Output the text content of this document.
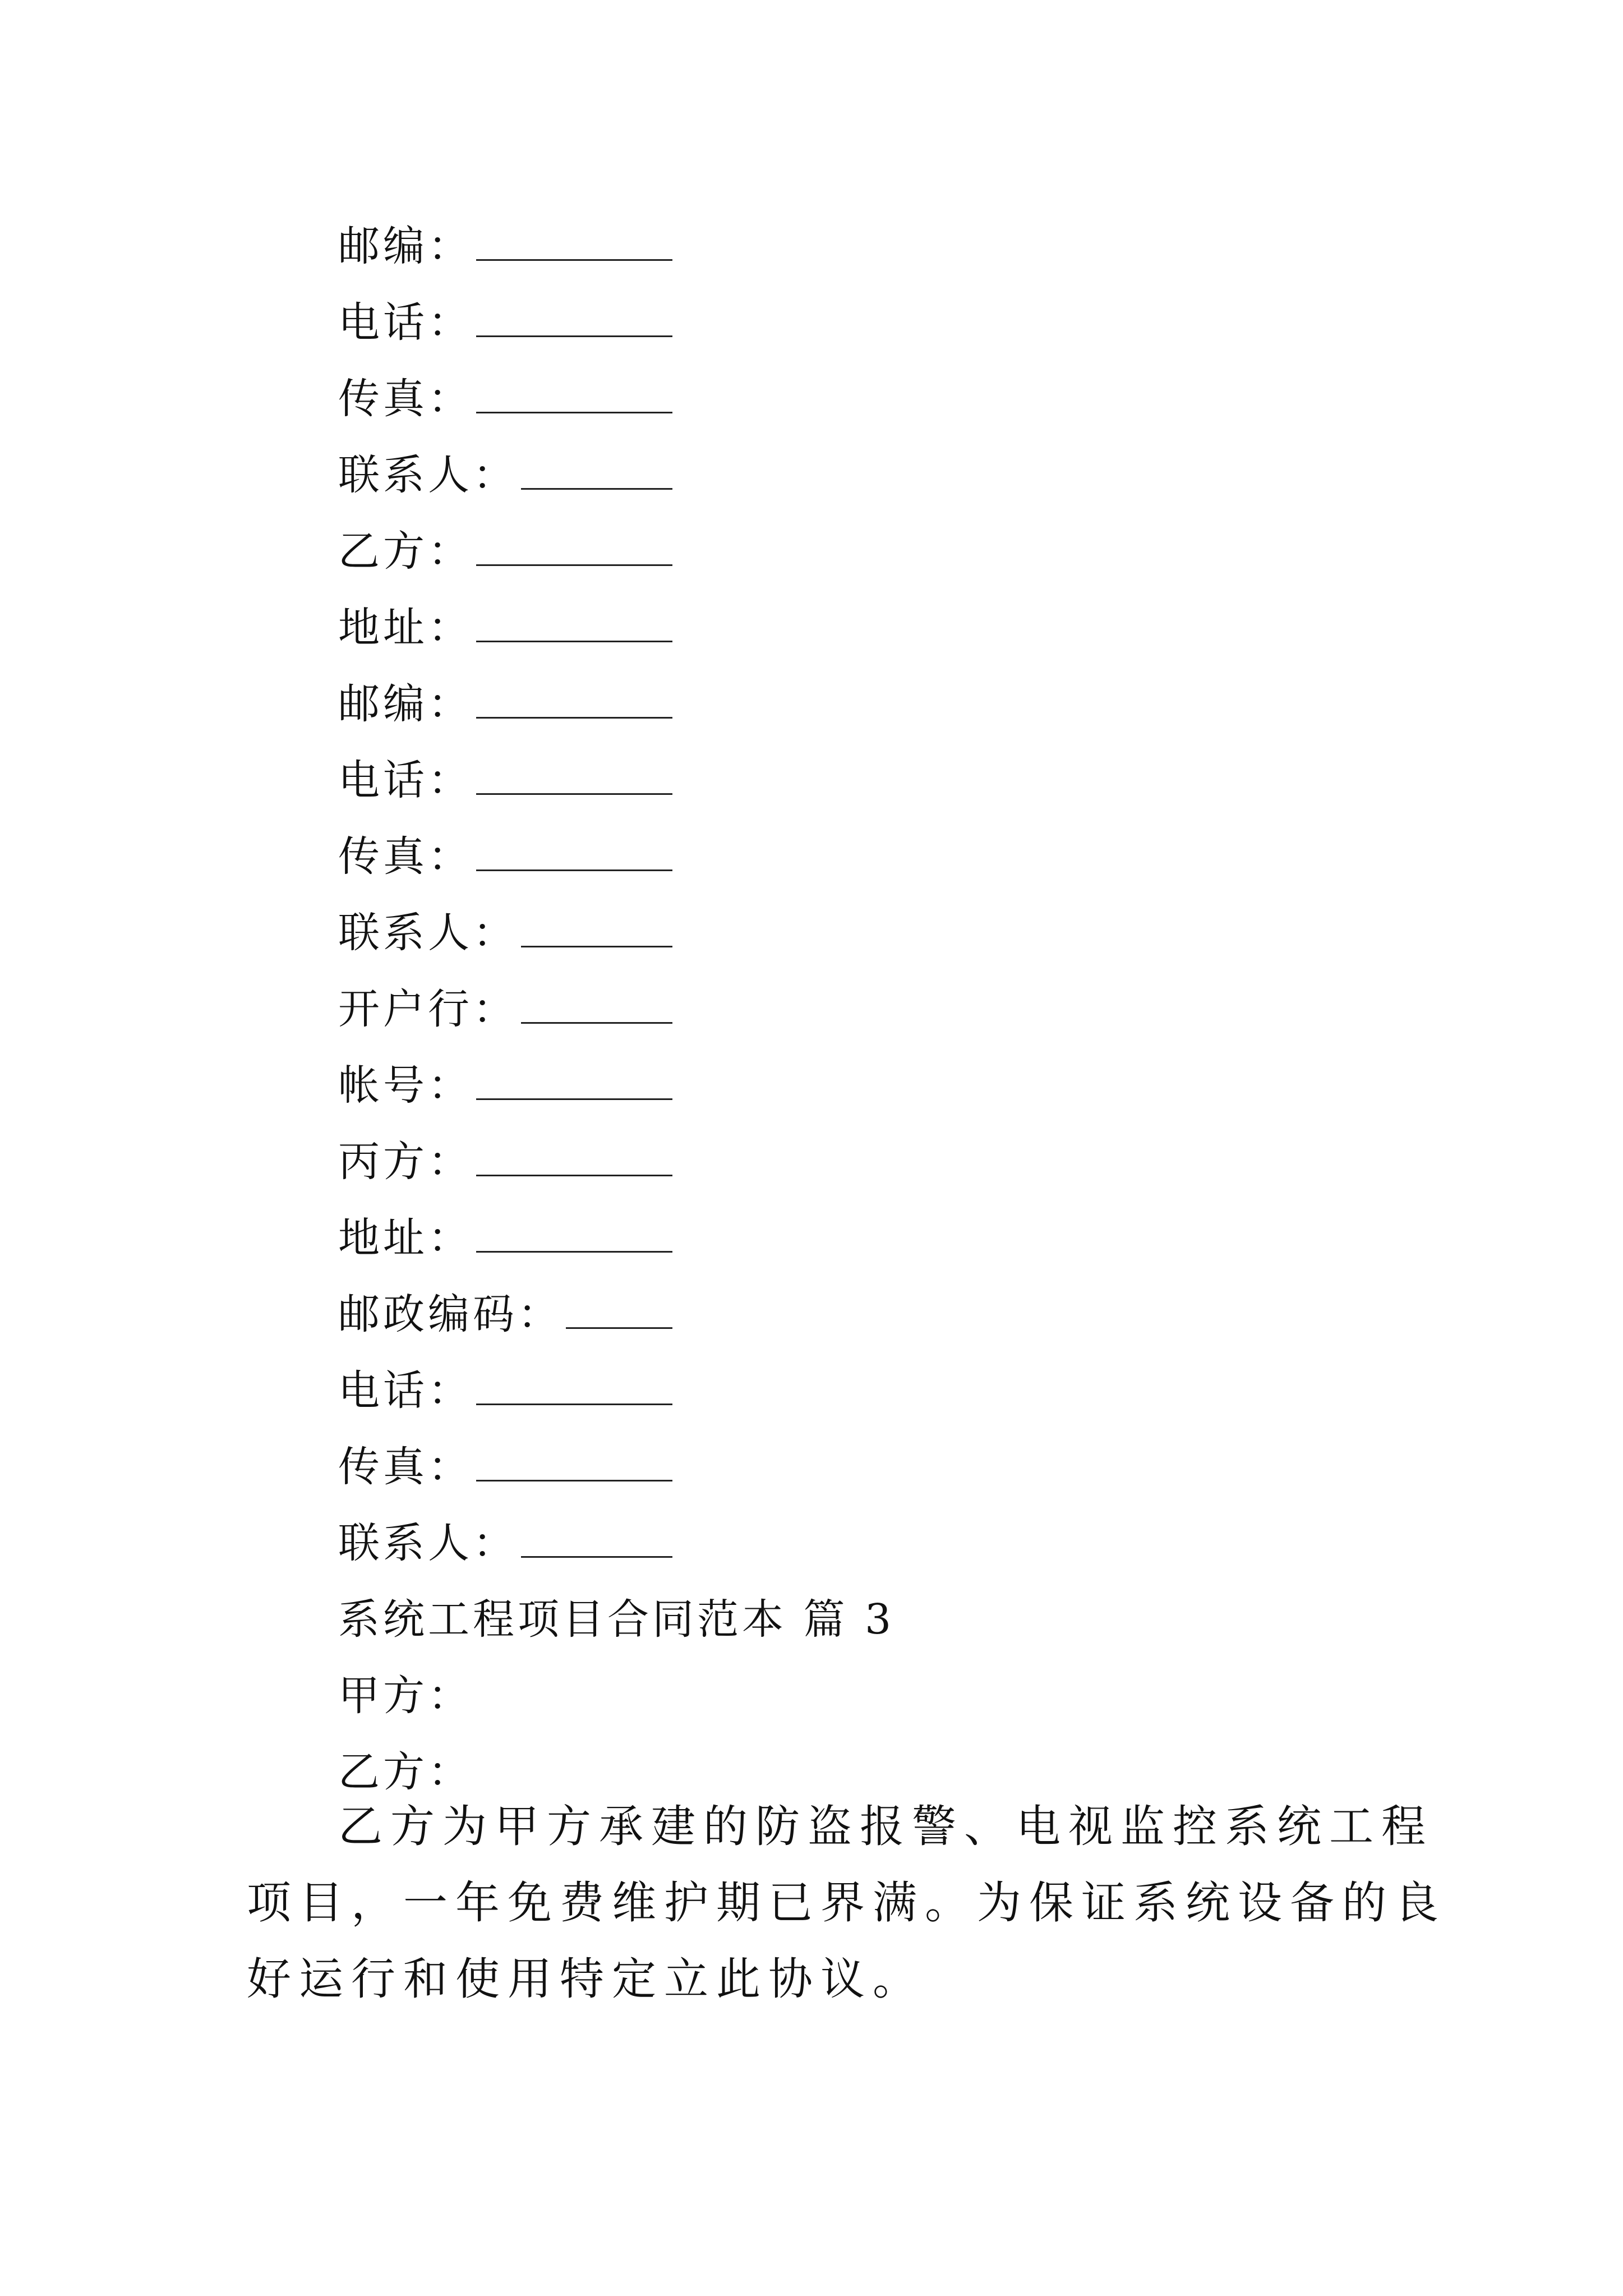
邮编：
电话：
传真：
联系人：
乙方：
地址：
邮编：
电话：
传真：
联系人：
开户行：
帐号：
丙方：
地址：
邮政编码：
电话：
传真：
联系人：
系统工程项目合同范本 篇 3
甲方：
乙方：

乙方为甲方承建的防盗报警、电视监控系统工程项目，一年免费维护期已界满。为保证系统设备的良好运行和使用特定立此协议。
